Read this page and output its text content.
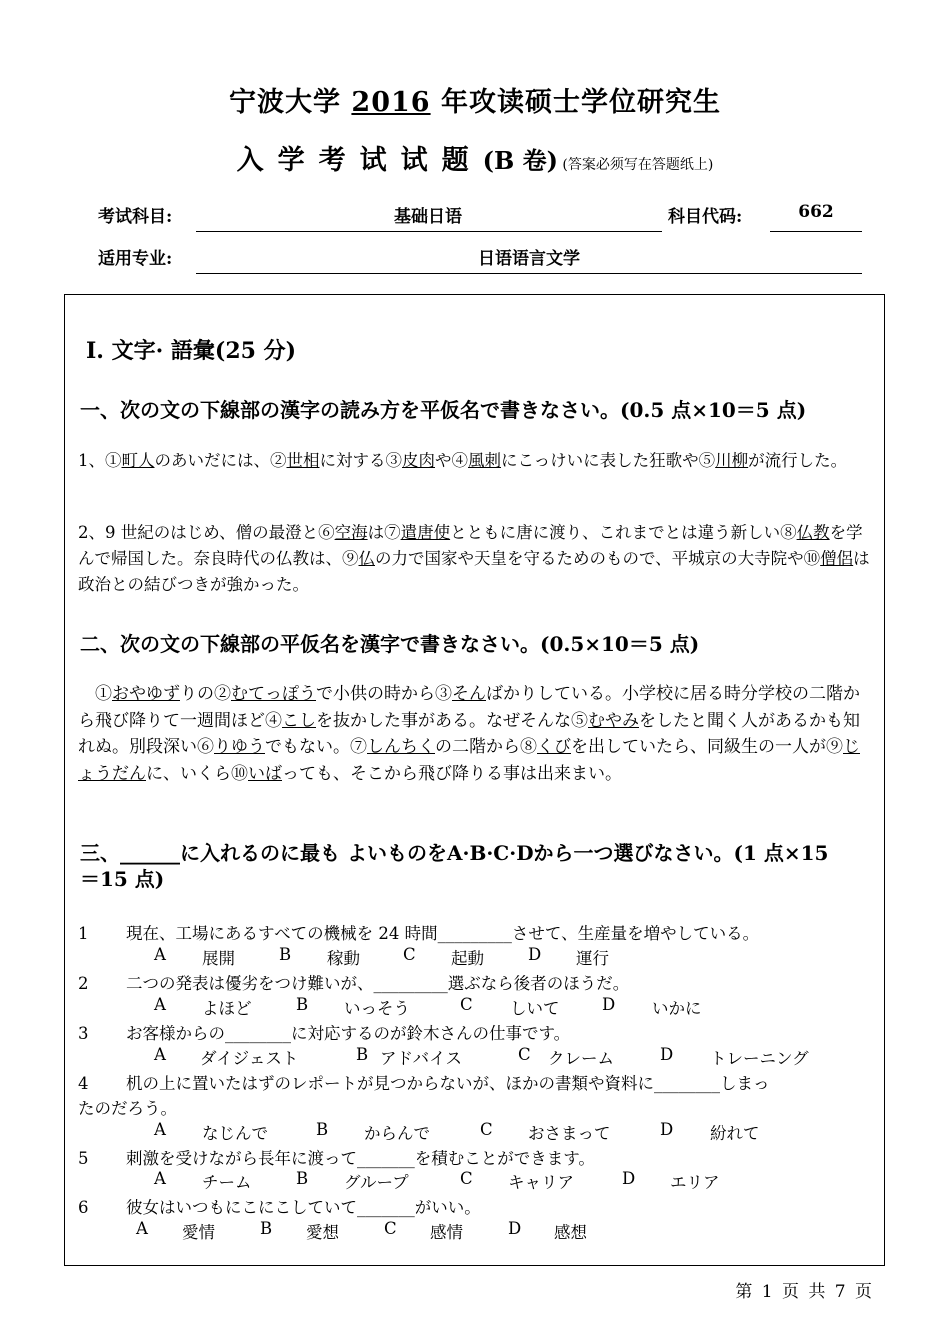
宁波大学 2016 年攻读硕士学位研究生
入学考试试题(B 卷) (答案必须写在答题纸上)
考试科目:	基础日语	科目代码:	662
适用专业:	日语语言文学
Ⅰ. 文字· 語彙(25 分)
一、次の文の下線部の漢字の読み方を平仮名で書きなさい。(0.5 点×10＝5 点)
1、①町人のあいだには、②世相に対する③皮肉や④風刺にこっけいに表した狂歌や⑤川柳が流行した。
2、9 世紀のはじめ、僧の最澄と⑥空海は⑦遣唐使とともに唐に渡り、これまでとは違う新しい⑧仏教を学んで帰国した。奈良時代の仏教は、⑨仏の力で国家や天皇を守るためのもので、平城京の大寺院や⑩僧侶は政治との結びつきが強かった。
二、次の文の下線部の平仮名を漢字で書きなさい。(0.5×10＝5 点)
①おやゆずりの②むてっぽうで小供の時から③そんばかりしている。小学校に居る時分学校の二階から飛び降りて一週間ほど④こしを抜かした事がある。なぜそんな⑤むやみをしたと聞く人があるかも知れぬ。別段深い⑥りゆうでもない。⑦しんちくの二階から⑧くびを出していたら、同級生の一人が⑨じょうだんに、いくら⑩いばっても、そこから飛び降りる事は出来まい。
三、______に入れるのに最も よいものをA·B·C·Dから一つ選びなさい。(1 点×15
＝15 点)
1 現在、工場にあるすべての機械を 24 時間_________させて、生産量を増やしている。
A 展開	B 稼動	C 起動	D 運行
2 二つの発表は優劣をつけ難いが、_________選ぶなら後者のほうだ。
A よほど	B いっそう	C しいて	D いかに
3 お客様からの________に対応するのが鈴木さんの仕事です。
A ダイジェスト	B アドバイス	C クレーム	D トレーニング
4 机の上に置いたはずのレポートが見つからないが、ほかの書類や資料に________しまっ
たのだろう。
A なじんで	B からんで	C おさまって	D 紛れて
5 刺激を受けながら長年に渡って_______を積むことができます。
A チーム	B グループ	C キャリア	D エリア
6 彼女はいつもにこにこしていて_______がいい。
A 愛情	B 愛想	C 感情	D 感想
第 1 页 共 7 页
